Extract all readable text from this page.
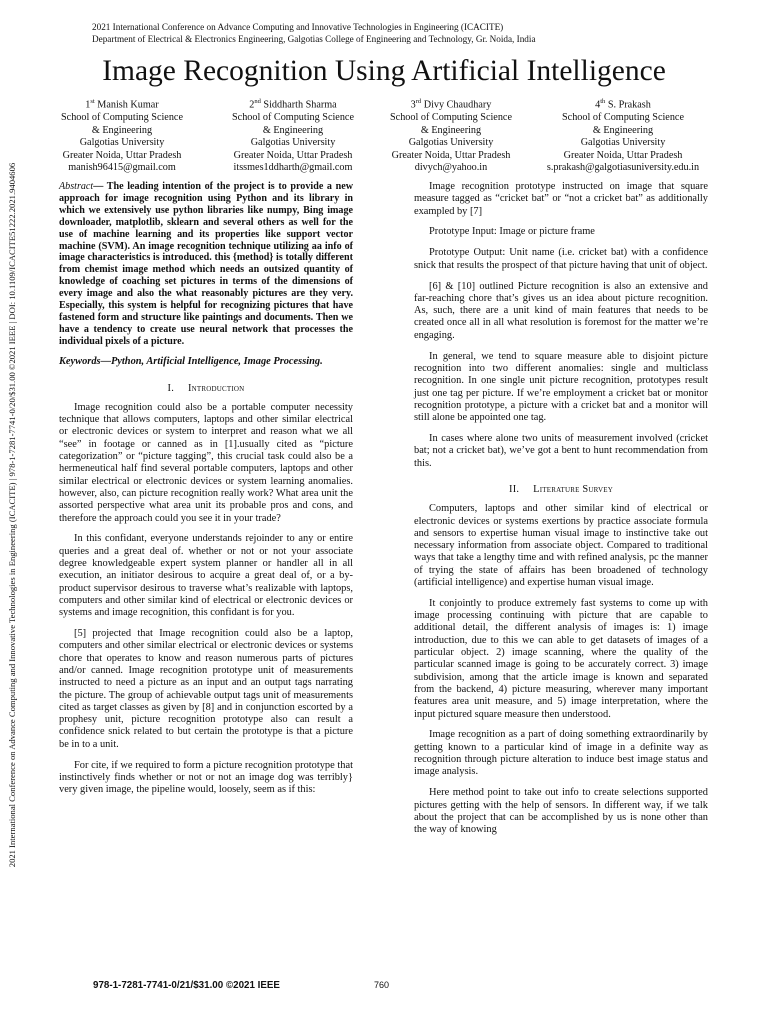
2021 International Conference on Advance Computing and Innovative Technologies in Engineering (ICACITE)
Department of Electrical & Electronics Engineering, Galgotias College of Engineering and Technology, Gr. Noida, India
Image Recognition Using Artificial Intelligence
1st Manish Kumar
School of Computing Science
& Engineering
Galgotias University
Greater Noida, Uttar Pradesh
manish96415@gmail.com
2nd Siddharth Sharma
School of Computing Science
& Engineering
Galgotias University
Greater Noida, Uttar Pradesh
itssmes1ddharth@gmail.com
3rd Divy Chaudhary
School of Computing Science
& Engineering
Galgotias University
Greater Noida, Uttar Pradesh
divych@yahoo.in
4th S. Prakash
School of Computing Science
& Engineering
Galgotias University
Greater Noida, Uttar Pradesh
s.prakash@galgotiasuniversity.edu.in
2021 International Conference on Advance Computing and Innovative Technologies in Engineering (ICACITE) | 978-1-7281-7741-0/20/$31.00 ©2021 IEEE | DOI: 10.1109/ICACITE51222.2021.9404606	Abstract— The leading intention of the project is to provide a new approach for image recognition using Python and its library in which we extensively use python libraries like numpy, Bing image downloader, matplotlib, sklearn and several others as well for the use of machine learning and its properties like support vector machine (SVM). An image recognition technique utilizing aa info of image characteristics is introduced. this {method} is totally different from chemist image method which needs an outsized quantity of knowledge of coaching set pictures in terms of the dimensions of every image and also the what reasonably pictures are they very. Especially, this system is helpful for recognizing pictures that have fastened form and structure like paintings and documents. Then we have a tendency to create use neural network that processes the individual pixels of a picture.

Keywords—Python, Artificial Intelligence, Image Processing.

I. Introduction

Image recognition could also be a portable computer necessity technique that allows computers, laptops and other similar electrical or electronic devices or system to interpret and reason what we all “see” in footage or canned as in [1].usually cited as “picture categorization” or “picture tagging”, this crucial task could also be a hermeneutical half find several portable computers, laptops and other similar electrical or electronic devices or system learning anomalies. however, also, can picture recognition really work? What area unit the assorted perspective what area unit its probable pros and cons, and therefore the approach could you see it in your trade?

In this confidant, everyone understands rejoinder to any or entire queries and a great deal of. whether or not or not your associate degree knowledgeable expert system planner or handler all in all execution, an initiator desirous to acquire a great deal of, or a by-product supervisor desirous to traverse what’s realizable with laptops, computers and other similar kind of electrical or electronic devices or systems and image recognition, this confidant is for you.

[5] projected that Image recognition could also be a laptop, computers and other similar electrical or electronic devices or systems chore that operates to know and reason numerous parts of pictures and/or canned. Image recognition prototype unit of measurements instructed to need a picture as an input and an output tags narrating the picture. The group of achievable output tags unit of measurements cited as target classes as given by [8] and in conjunction escorted by a prophesy unit, picture recognition prototype also can result a confidence snick related to but certain the prototype is that a picture be in to a unit.

For cite, if we required to form a picture recognition prototype that instinctively finds whether or not or not an image dog was terribly} very given image, the pipeline would, loosely, seem as if this:

Image recognition prototype instructed on image that square measure tagged as “cricket bat” or “not a cricket bat” as additionally exampled by [7]

Prototype Input: Image or picture frame

Prototype Output: Unit name (i.e. cricket bat) with a confidence snick that results the prospect of that picture having that unit of object.

[6] & [10] outlined Picture recognition is also an extensive and far-reaching chore that’s gives us an idea about picture recognition. As, such, there are a unit kind of main features that needs to be created once all in all what resolution is foremost for the matter we’re engaging.

In general, we tend to square measure able to disjoint picture recognition into two different anomalies: single and multiclass recognition. In one single unit picture recognition, prototypes result just one tag per picture. If we’re employment a cricket bat or monitor recognition prototype, a picture with a cricket bat and a monitor will still alone be appointed one tag.

In cases where alone two units of measurement involved (cricket bat; not a cricket bat), we’ve got a bent to hunt recommendation from this.

II. Literature Survey

Computers, laptops and other similar kind of electrical or electronic devices or systems exertions by practice associate formula and sensors to expertise human visual image to instinctive take out necessary information from associate object. Compared to traditional ways that take a lengthy time and with refined analysis, pc the manner of trying the state of affairs has been broadened of technology (artificial intelligence) and expertise human visual image.

It conjointly to produce extremely fast systems to come up with image processing continuing with picture that are capable to additional detail, the different analysis of images is: 1) image introduction, due to this we can able to get datasets of images of a particular object. 2) image scanning, where the quality of the particular scanned image is going to be accurately correct. 3) image subdivision, among that the article image is known and separated from the backend, 4) picture measuring, wherever many important features area unit measure, and 5) image interpretation, where the input pictured square measure then understood.

Image recognition as a part of doing something extraordinarily by getting known to a particular kind of image in a definite way as recognition through picture alteration to induce best image status and image analysis.

Here method point to take out info to create selections supported pictures getting with the help of sensors. In different way, if we talk about the project that can be accomplished by us is none other than the way of knowing

978-1-7281-7741-0/21/$31.00 ©2021 IEEE	760
